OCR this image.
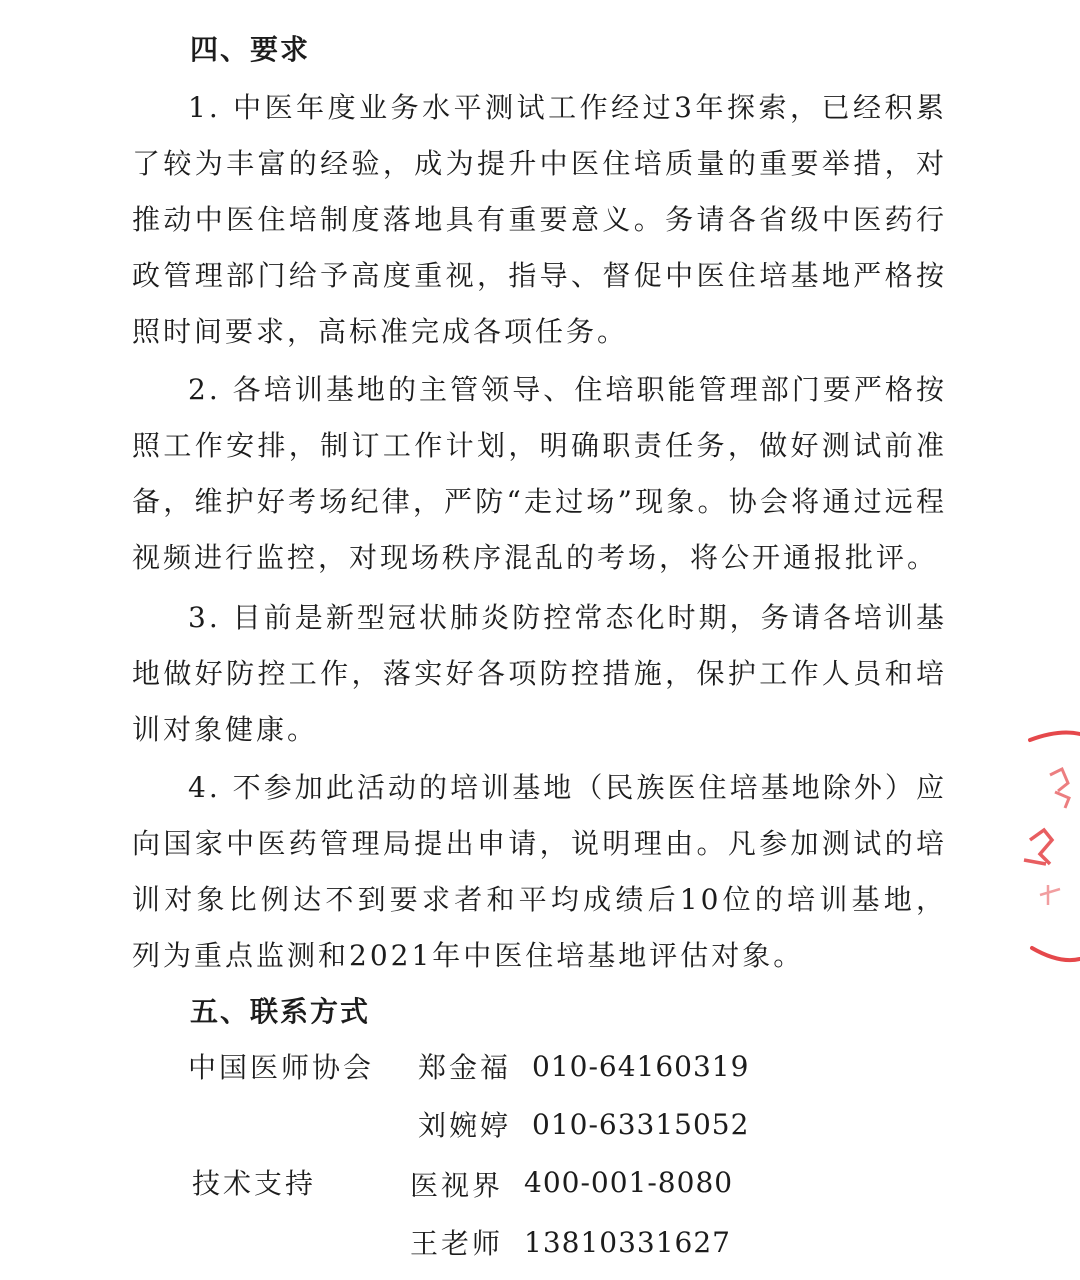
四、要求

1. 中医年度业务水平测试工作经过3年探索，已经积累了较为丰富的经验，成为提升中医住培质量的重要举措，对推动中医住培制度落地具有重要意义。务请各省级中医药行政管理部门给予高度重视，指导、督促中医住培基地严格按照时间要求，高标准完成各项任务。

2. 各培训基地的主管领导、住培职能管理部门要严格按照工作安排，制订工作计划，明确职责任务，做好测试前准备，维护好考场纪律，严防“走过场”现象。协会将通过远程视频进行监控，对现场秩序混乱的考场，将公开通报批评。

3. 目前是新型冠状肺炎防控常态化时期，务请各培训基地做好防控工作，落实好各项防控措施，保护工作人员和培训对象健康。

4. 不参加此活动的培训基地（民族医住培基地除外）应向国家中医药管理局提出申请，说明理由。凡参加测试的培训对象比例达不到要求者和平均成绩后10位的培训基地，列为重点监测和2021年中医住培基地评估对象。

五、联系方式
中国医师协会 郑金福 010-64160319
刘婉婷 010-63315052
技术支持	医视界 400-001-8080
王老师 13810331627
